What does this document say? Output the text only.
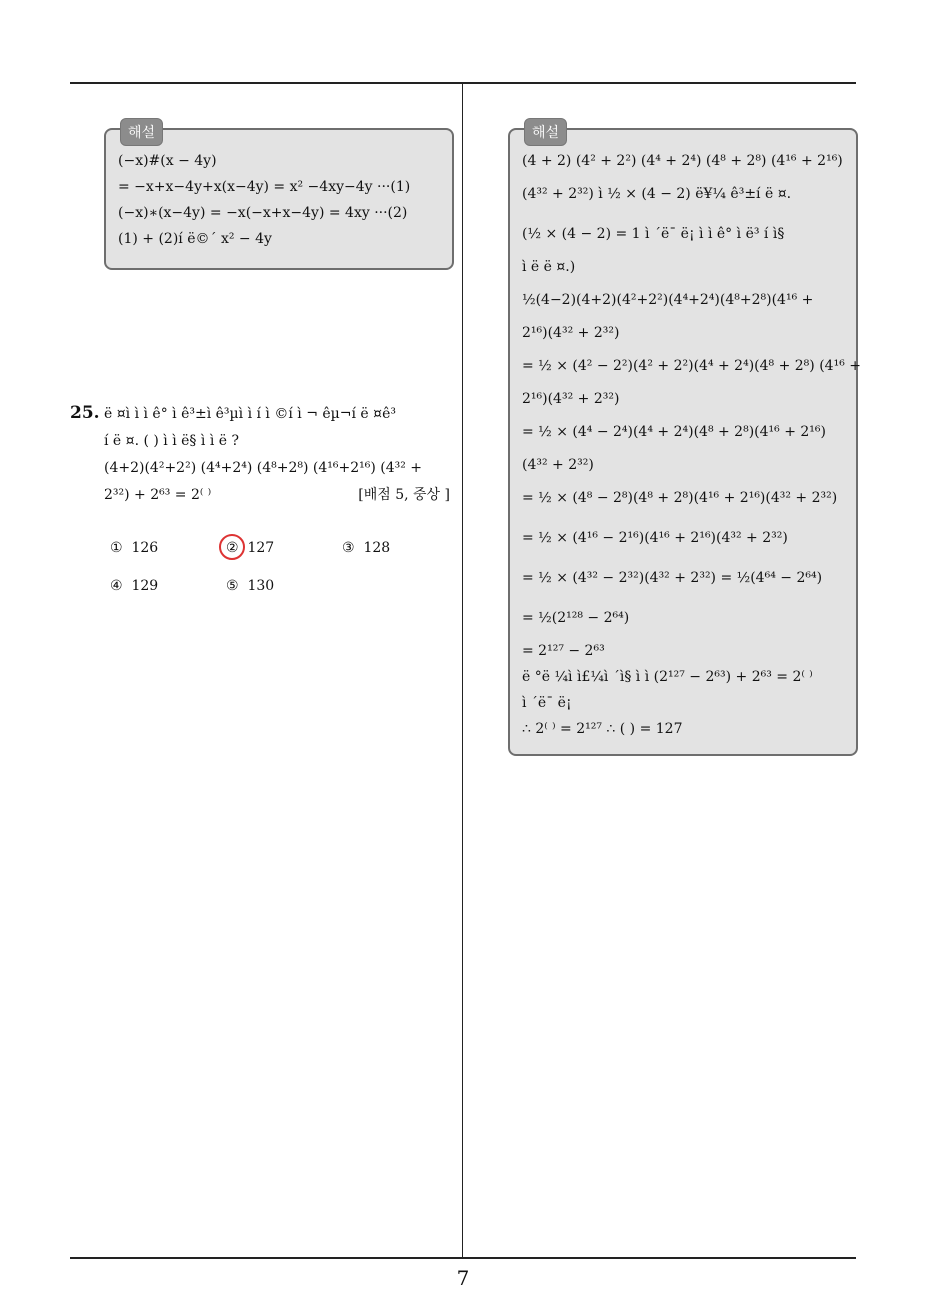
해설
(−x)#(x − 4y)
= −x+x−4y+x(x−4y) = x² −4xy−4y ···(1)
(−x)∗(x−4y) = −x(−x+x−4y) = 4xy ···(2)
(1) + (2)í ë©´ x² − 4y
25. ë ¤ì ì ì ê° ì ê³±ì ê³µì ì í ì ©í ì ¬ êµ¬í ë ¤ê³
í ë ¤. ( ) ì ì ë§ ì ì ë ?
(4+2)(4²+2²) (4⁴+2⁴) (4⁸+2⁸) (4¹⁶+2¹⁶) (4³² +
2³²) + 2⁶³ = 2⁽ ⁾	[배점 5, 중상 ]
① 126	② 127	③ 128
④ 129	⑤ 130
해설
(4 + 2) (4² + 2²) (4⁴ + 2⁴) (4⁸ + 2⁸) (4¹⁶ + 2¹⁶)
(4³² + 2³²) ì ½ × (4 − 2) ë¥¼ ê³±í ë ¤.
(½ × (4 − 2) = 1 ì ´ë¯ ë¡ ì ì ê° ì ë³ í ì§
ì ë ë ¤.)
½(4−2)(4+2)(4²+2²)(4⁴+2⁴)(4⁸+2⁸)(4¹⁶ +
2¹⁶)(4³² + 2³²)
= ½ × (4² − 2²)(4² + 2²)(4⁴ + 2⁴)(4⁸ + 2⁸) (4¹⁶ +
2¹⁶)(4³² + 2³²)
= ½ × (4⁴ − 2⁴)(4⁴ + 2⁴)(4⁸ + 2⁸)(4¹⁶ + 2¹⁶)
(4³² + 2³²)
= ½ × (4⁸ − 2⁸)(4⁸ + 2⁸)(4¹⁶ + 2¹⁶)(4³² + 2³²)
= ½ × (4¹⁶ − 2¹⁶)(4¹⁶ + 2¹⁶)(4³² + 2³²)
= ½ × (4³² − 2³²)(4³² + 2³²) = ½(4⁶⁴ − 2⁶⁴)
= ½(2¹²⁸ − 2⁶⁴)
= 2¹²⁷ − 2⁶³
ë °ë ¼ì ì£¼ì ´ì§ ì ì (2¹²⁷ − 2⁶³) + 2⁶³ = 2⁽ ⁾
ì ´ë¯ ë¡
∴ 2⁽ ⁾ = 2¹²⁷ ∴ ( ) = 127
7
